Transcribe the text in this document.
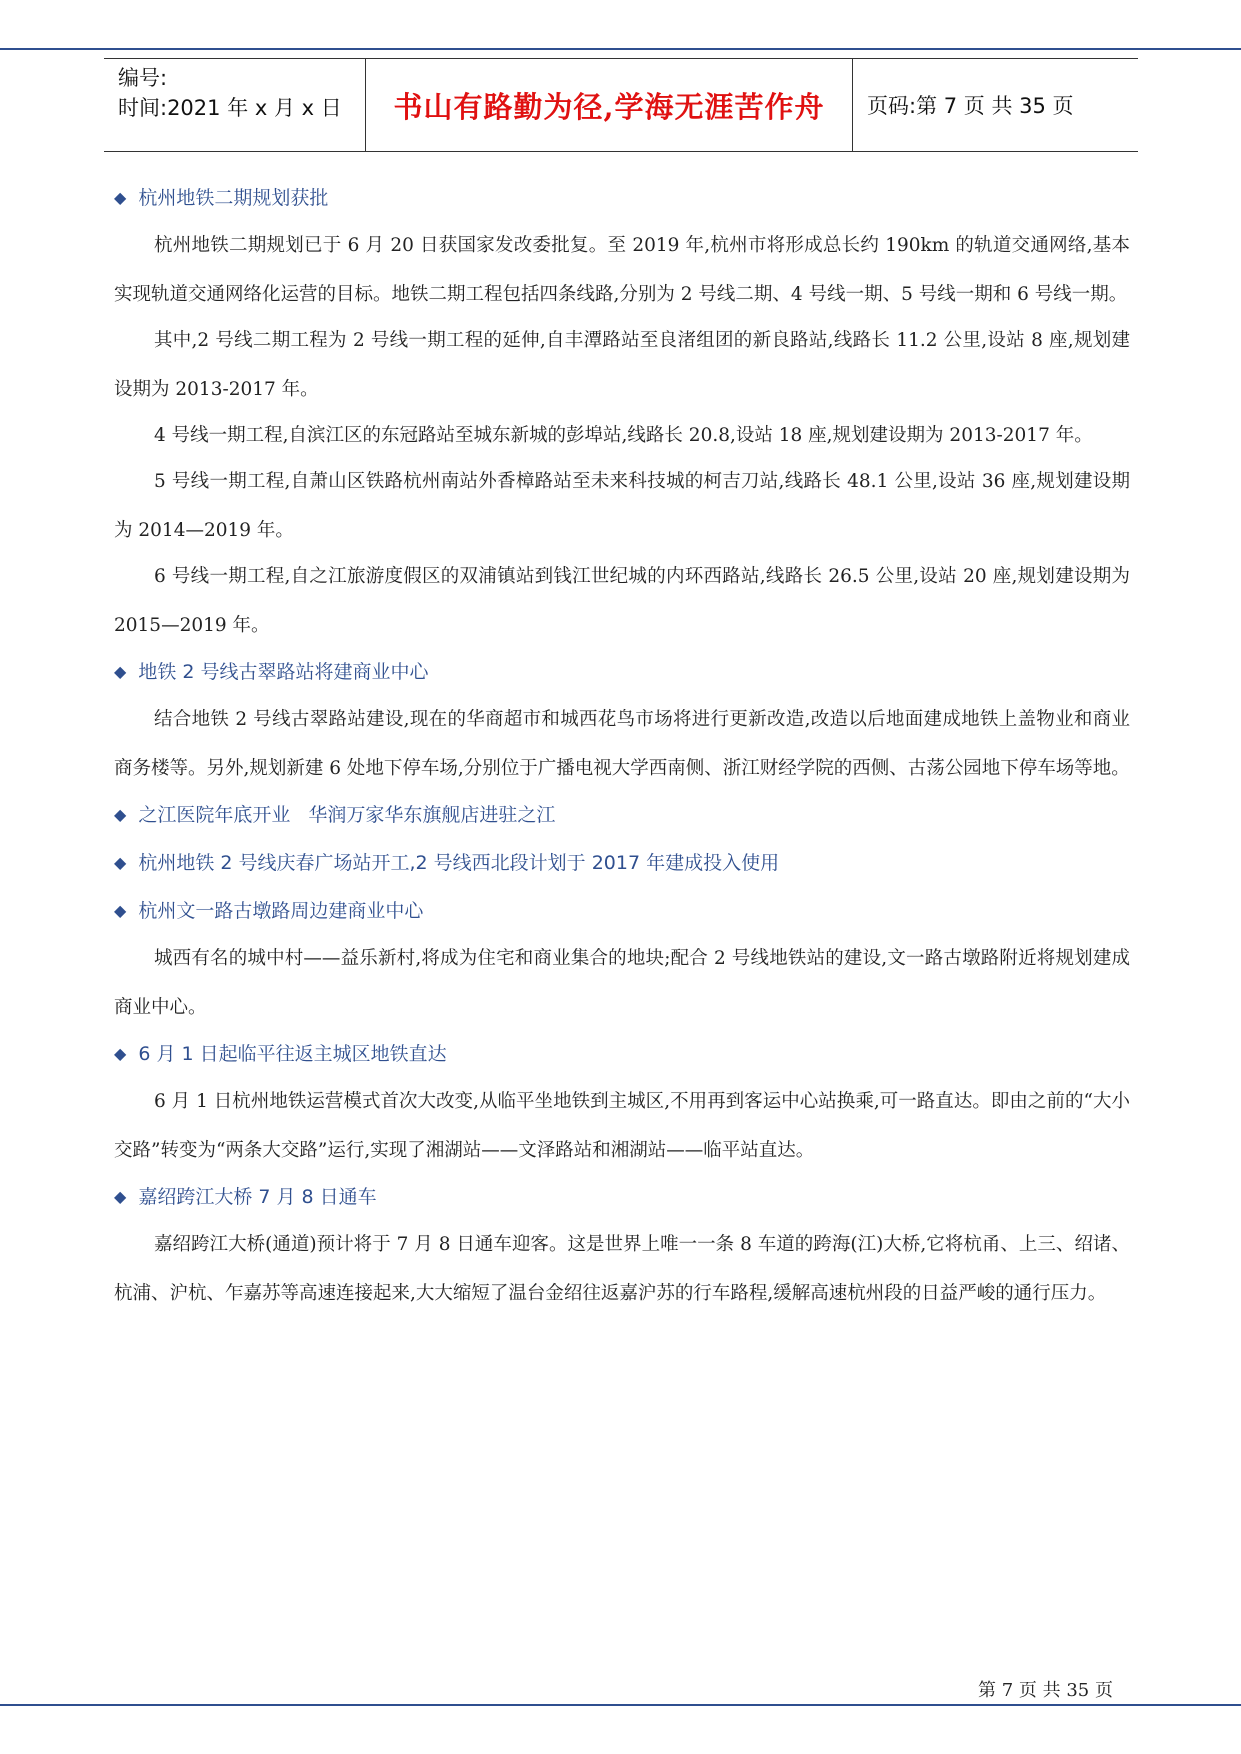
编号:
时间:2021 年 x 月 x 日	书山有路勤为径,学海无涯苦作舟	页码:第 7 页 共 35 页
◆ 杭州地铁二期规划获批

杭州地铁二期规划已于 6 月 20 日获国家发改委批复。至 2019 年,杭州市将形成总长约 190km 的轨道交通网络,基本实现轨道交通网络化运营的目标。地铁二期工程包括四条线路,分别为 2 号线二期、4 号线一期、5 号线一期和 6 号线一期。

其中,2 号线二期工程为 2 号线一期工程的延伸,自丰潭路站至良渚组团的新良路站,线路长 11.2 公里,设站 8 座,规划建设期为 2013-2017 年。

4 号线一期工程,自滨江区的东冠路站至城东新城的彭埠站,线路长 20.8,设站 18 座,规划建设期为 2013-2017 年。

5 号线一期工程,自萧山区铁路杭州南站外香樟路站至未来科技城的柯吉刀站,线路长 48.1 公里,设站 36 座,规划建设期为 2014—2019 年。

6 号线一期工程,自之江旅游度假区的双浦镇站到钱江世纪城的内环西路站,线路长 26.5 公里,设站 20 座,规划建设期为 2015—2019 年。

◆ 地铁 2 号线古翠路站将建商业中心

结合地铁 2 号线古翠路站建设,现在的华商超市和城西花鸟市场将进行更新改造,改造以后地面建成地铁上盖物业和商业商务楼等。另外,规划新建 6 处地下停车场,分别位于广播电视大学西南侧、浙江财经学院的西侧、古荡公园地下停车场等地。

◆ 之江医院年底开业   华润万家华东旗舰店进驻之江
◆ 杭州地铁 2 号线庆春广场站开工,2 号线西北段计划于 2017 年建成投入使用
◆ 杭州文一路古墩路周边建商业中心

城西有名的城中村——益乐新村,将成为住宅和商业集合的地块;配合 2 号线地铁站的建设,文一路古墩路附近将规划建成商业中心。

◆ 6 月 1 日起临平往返主城区地铁直达

6 月 1 日杭州地铁运营模式首次大改变,从临平坐地铁到主城区,不用再到客运中心站换乘,可一路直达。即由之前的“大小交路”转变为“两条大交路”运行,实现了湘湖站——文泽路站和湘湖站——临平站直达。

◆ 嘉绍跨江大桥 7 月 8 日通车

嘉绍跨江大桥(通道)预计将于 7 月 8 日通车迎客。这是世界上唯一一条 8 车道的跨海(江)大桥,它将杭甬、上三、绍诸、杭浦、沪杭、乍嘉苏等高速连接起来,大大缩短了温台金绍往返嘉沪苏的行车路程,缓解高速杭州段的日益严峻的通行压力。

第 7 页 共 35 页
